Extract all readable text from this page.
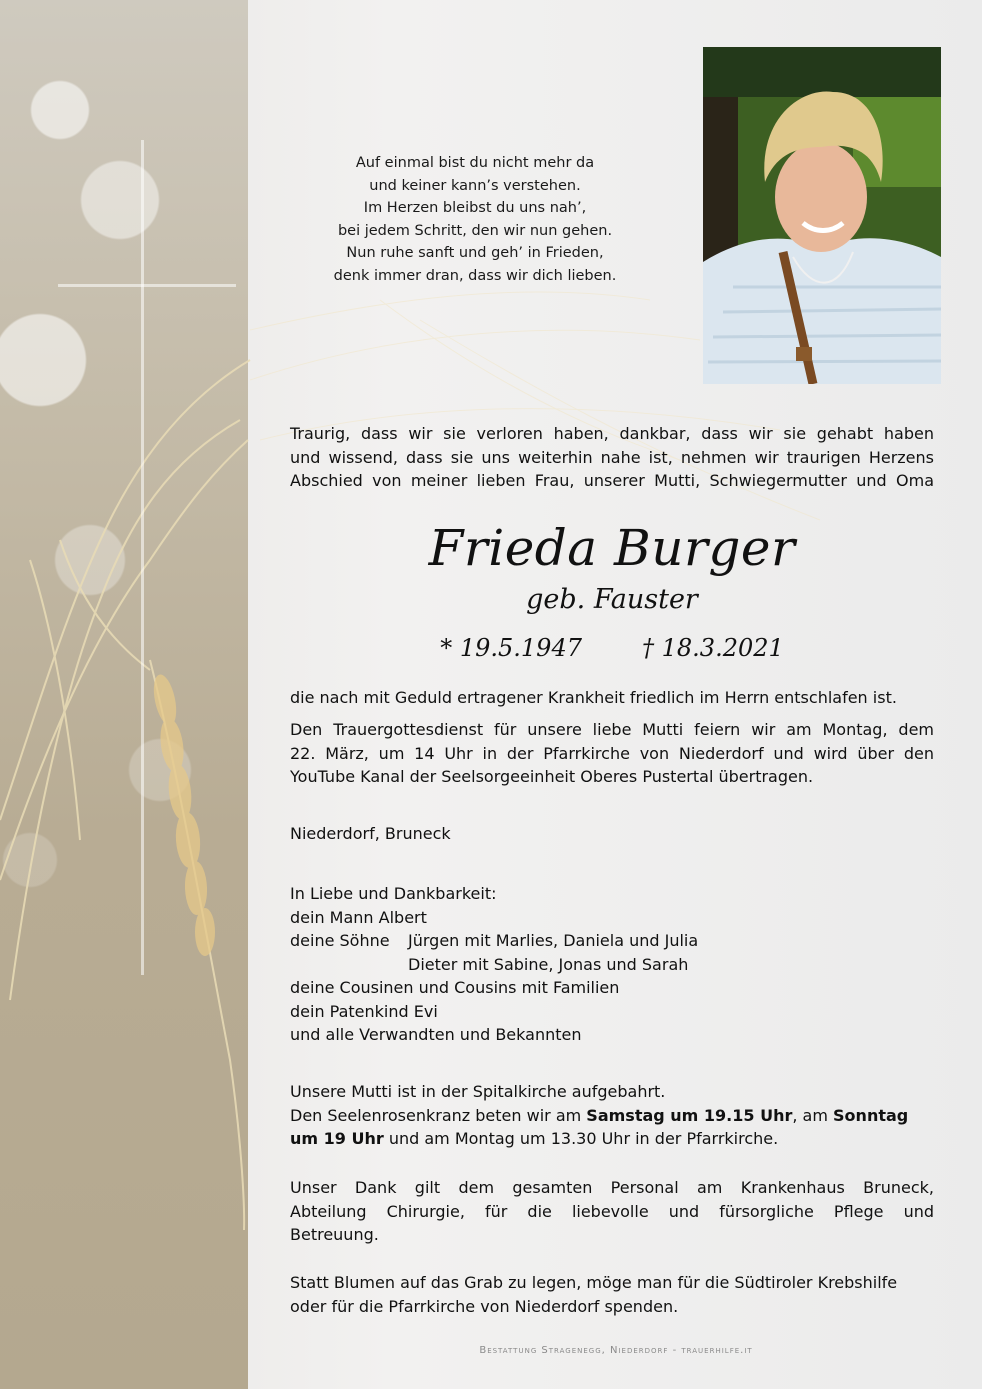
Auf einmal bist du nicht mehr da
und keiner kann’s verstehen.
Im Herzen bleibst du uns nah’,
bei jedem Schritt, den wir nun gehen.
Nun ruhe sanft und geh’ in Frieden,
denk immer dran, dass wir dich lieben.
Traurig, dass wir sie verloren haben, dankbar, dass wir sie gehabt haben
und wissend, dass sie uns weiterhin nahe ist, nehmen wir traurigen Herzens
Abschied von meiner lieben Frau, unserer Mutti, Schwiegermutter und Oma
Frieda Burger
geb. Fauster
* 19.5.1947	† 18.3.2021
die nach mit Geduld ertragener Krankheit friedlich im Herrn entschlafen ist.
Den Trauergottesdienst für unsere liebe Mutti feiern wir am Montag, dem
22. März, um 14 Uhr in der Pfarrkirche von Niederdorf und wird über den
YouTube Kanal der Seelsorgeeinheit Oberes Pustertal übertragen.
Niederdorf, Bruneck
In Liebe und Dankbarkeit:
dein Mann Albert
deine Söhne Jürgen mit Marlies, Daniela und Julia
Dieter mit Sabine, Jonas und Sarah
deine Cousinen und Cousins mit Familien
dein Patenkind Evi
und alle Verwandten und Bekannten
Unsere Mutti ist in der Spitalkirche aufgebahrt.
Den Seelenrosenkranz beten wir am Samstag um 19.15 Uhr, am Sonntag
um 19 Uhr und am Montag um 13.30 Uhr in der Pfarrkirche.
Unser Dank gilt dem gesamten Personal am Krankenhaus Bruneck,
Abteilung Chirurgie, für die liebevolle und fürsorgliche Pflege und
Betreuung.
Statt Blumen auf das Grab zu legen, möge man für die Südtiroler Krebshilfe
oder für die Pfarrkirche von Niederdorf spenden.
Bestattung Stragenegg, Niederdorf - trauerhilfe.it
